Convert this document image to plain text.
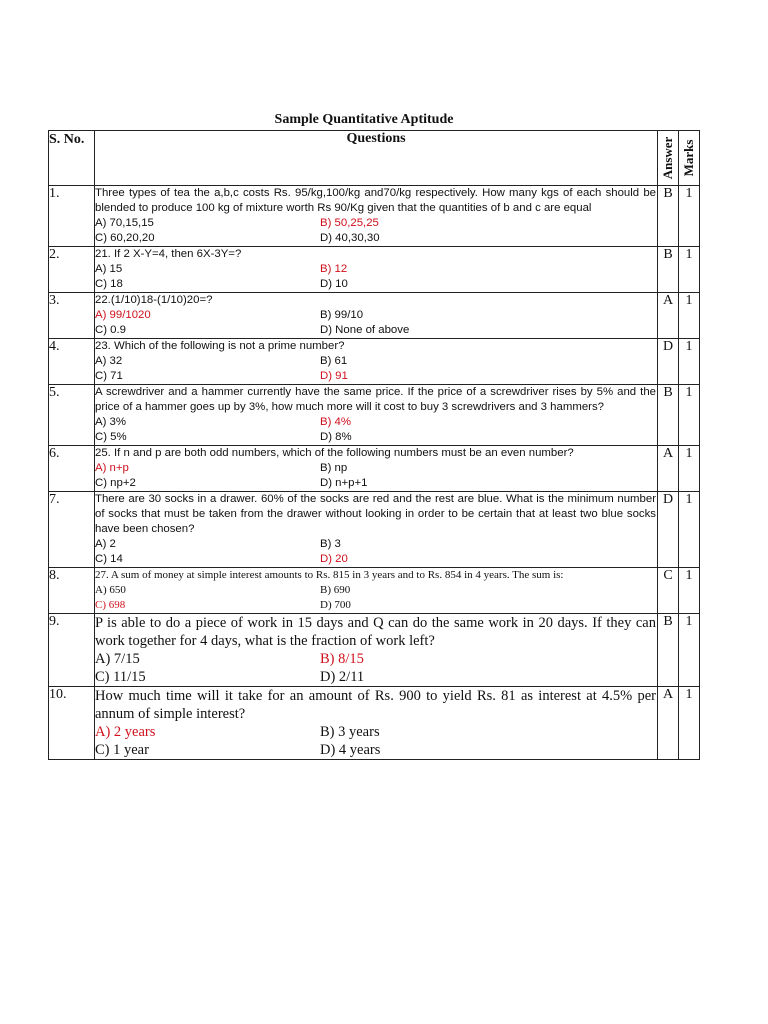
Sample Quantitative Aptitude
S. No.	Questions	Answer	Marks

1.	Three types of tea the a,b,c costs Rs. 95/kg,100/kg and70/kg respectively. How many kgs of each should be blended to produce 100 kg of mixture worth Rs 90/Kg given that the quantities of b and c are equal
A) 70,15,15 B) 50,25,25
C) 60,20,20 D) 40,30,30	B	1
2.	21. If 2 X-Y=4, then 6X-3Y=?
A) 15 B) 12
C) 18 D) 10	B	1
3.	22.(1/10)18-(1/10)20=?
A) 99/1020 B) 99/10
C) 0.9 D) None of above	A	1
4.	23. Which of the following is not a prime number?
A) 32 B) 61
C) 71 D) 91	D	1
5.	A screwdriver and a hammer currently have the same price. If the price of a screwdriver rises by 5% and the price of a hammer goes up by 3%, how much more will it cost to buy 3 screwdrivers and 3 hammers?
A) 3% B) 4%
C) 5% D) 8%	B	1
6.	25. If n and p are both odd numbers, which of the following numbers must be an even number?
A) n+p B) np
C) np+2 D) n+p+1	A	1
7.	There are 30 socks in a drawer. 60% of the socks are red and the rest are blue. What is the minimum number of socks that must be taken from the drawer without looking in order to be certain that at least two blue socks have been chosen?
A) 2 B) 3
C) 14 D) 20	D	1
8.	27. A sum of money at simple interest amounts to Rs. 815 in 3 years and to Rs. 854 in 4 years. The sum is:
A) 650 B) 690
C) 698 D) 700	C	1
9.	P is able to do a piece of work in 15 days and Q can do the same work in 20 days. If they can work together for 4 days, what is the fraction of work left?
A) 7/15 B) 8/15
C) 11/15 D) 2/11	B	1
10.	How much time will it take for an amount of Rs. 900 to yield Rs. 81 as interest at 4.5% per annum of simple interest?
A) 2 years B) 3 years
C) 1 year D) 4 years	A	1
